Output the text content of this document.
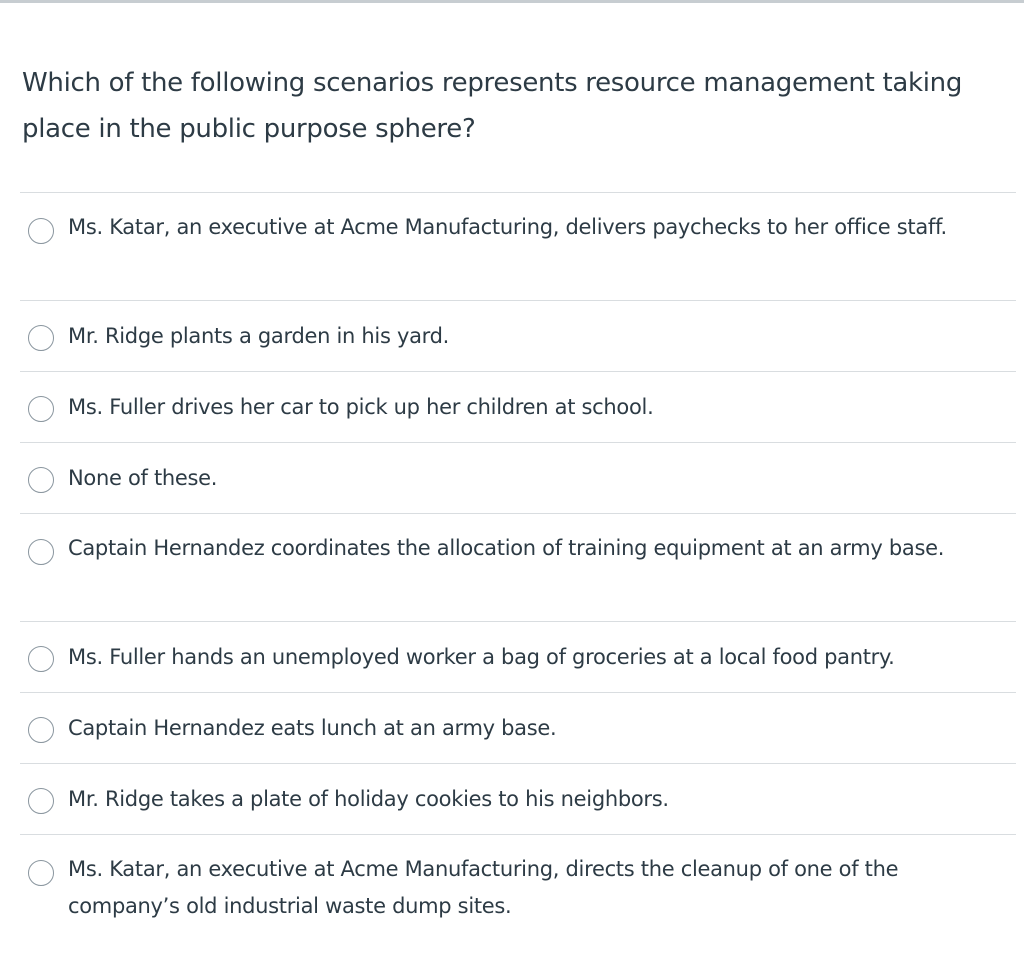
Which of the following scenarios represents resource management taking place in the public purpose sphere?
Ms. Katar, an executive at Acme Manufacturing, delivers paychecks to her office staff.
Mr. Ridge plants a garden in his yard.
Ms. Fuller drives her car to pick up her children at school.
None of these.
Captain Hernandez coordinates the allocation of training equipment at an army base.
Ms. Fuller hands an unemployed worker a bag of groceries at a local food pantry.
Captain Hernandez eats lunch at an army base.
Mr. Ridge takes a plate of holiday cookies to his neighbors.
Ms. Katar, an executive at Acme Manufacturing, directs the cleanup of one of the company’s old industrial waste dump sites.
